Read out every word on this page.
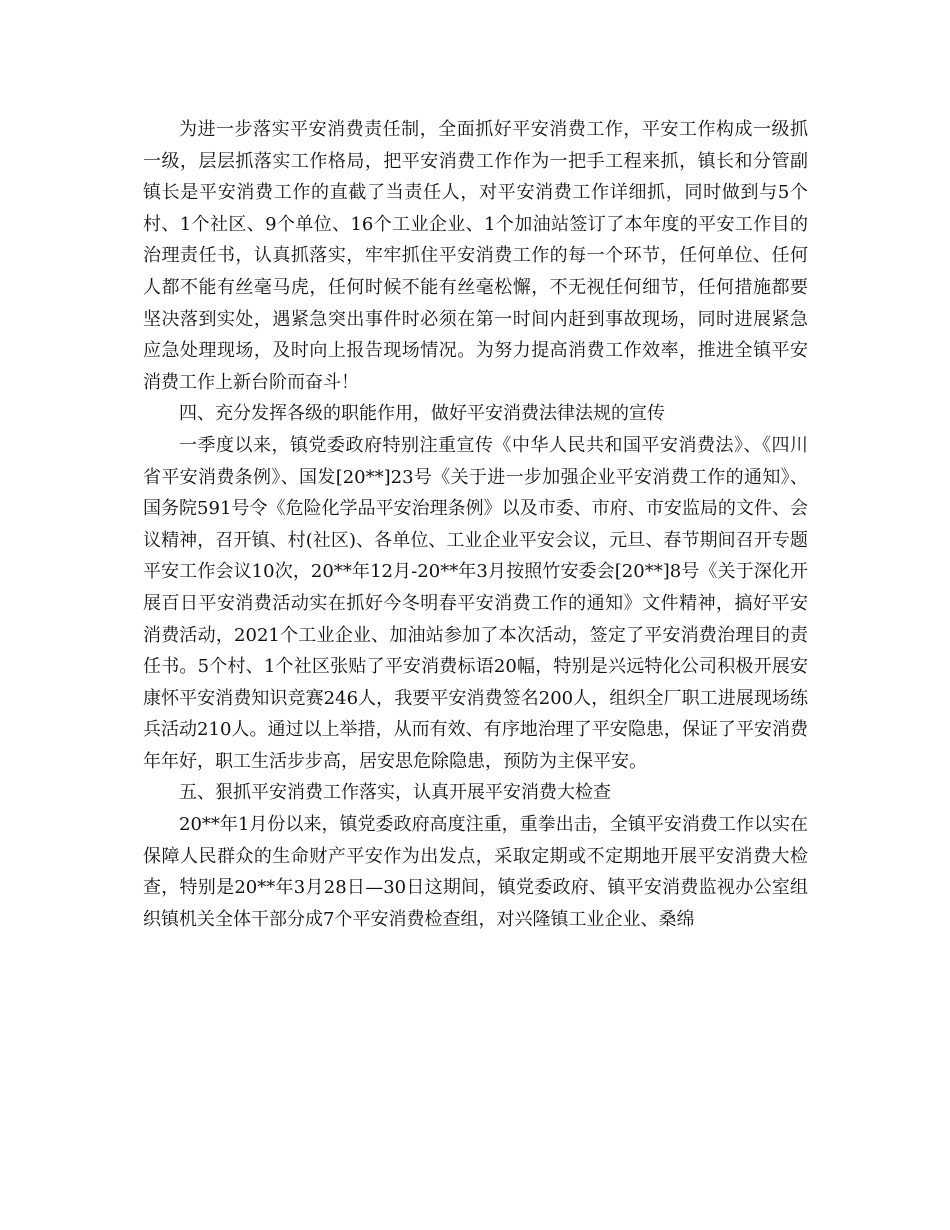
为进一步落实平安消费责任制，全面抓好平安消费工作，平安工作构成一级抓一级，层层抓落实工作格局，把平安消费工作作为一把手工程来抓，镇长和分管副镇长是平安消费工作的直截了当责任人，对平安消费工作详细抓，同时做到与5个村、1个社区、9个单位、16个工业企业、1个加油站签订了本年度的平安工作目的治理责任书，认真抓落实，牢牢抓住平安消费工作的每一个环节，任何单位、任何人都不能有丝毫马虎，任何时候不能有丝毫松懈，不无视任何细节，任何措施都要坚决落到实处，遇紧急突出事件时必须在第一时间内赶到事故现场，同时进展紧急应急处理现场，及时向上报告现场情况。为努力提高消费工作效率，推进全镇平安消费工作上新台阶而奋斗！

四、充分发挥各级的职能作用，做好平安消费法律法规的宣传

一季度以来，镇党委政府特别注重宣传《中华人民共和国平安消费法》、《四川省平安消费条例》、国发[20**]23号《关于进一步加强企业平安消费工作的通知》、国务院591号令《危险化学品平安治理条例》以及市委、市府、市安监局的文件、会议精神，召开镇、村(社区)、各单位、工业企业平安会议，元旦、春节期间召开专题平安工作会议10次，20**年12月-20**年3月按照竹安委会[20**]8号《关于深化开展百日平安消费活动实在抓好今冬明春平安消费工作的通知》文件精神，搞好平安消费活动，2021个工业企业、加油站参加了本次活动，签定了平安消费治理目的责任书。5个村、1个社区张贴了平安消费标语20幅，特别是兴远特化公司积极开展安康怀平安消费知识竞赛246人，我要平安消费签名200人，组织全厂职工进展现场练兵活动210人。通过以上举措，从而有效、有序地治理了平安隐患，保证了平安消费年年好，职工生活步步高，居安思危除隐患，预防为主保平安。

五、狠抓平安消费工作落实，认真开展平安消费大检查

20**年1月份以来，镇党委政府高度注重，重拳出击，全镇平安消费工作以实在保障人民群众的生命财产平安作为出发点，采取定期或不定期地开展平安消费大检查，特别是20**年3月28日—30日这期间，镇党委政府、镇平安消费监视办公室组织镇机关全体干部分成7个平安消费检查组，对兴隆镇工业企业、桑绵
